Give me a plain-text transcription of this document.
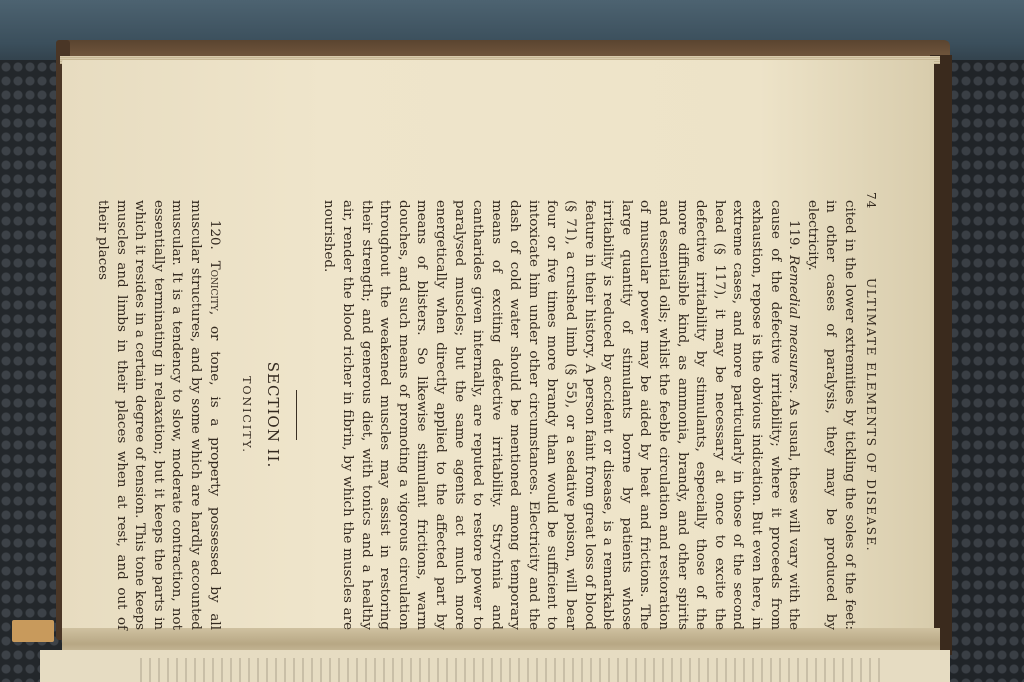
74
ULTIMATE ELEMENTS OF DISEASE.

cited in the lower extremities by tickling the soles of the feet: in other cases of paralysis, they may be produced by electricity.

119. Remedial measures. As usual, these will vary with the cause of the defective irritability; where it proceeds from exhaustion, repose is the obvious indication. But even here, in extreme cases, and more particularly in those of the second head (§ 117), it may be necessary at once to excite the defective irritability by stimulants, especially those of the more diffusible kind, as ammonia, brandy, and other spirits and essential oils; whilst the feeble circulation and restoration of muscular power may be aided by heat and frictions. The large quantity of stimulants borne by patients whose irritability is reduced by accident or disease, is a remarkable feature in their history. A person faint from great loss of blood (§ 71), a crushed limb (§ 55), or a sedative poison, will bear four or five times more brandy than would be sufficient to intoxicate him under other circumstances. Electricity and the dash of cold water should be mentioned among temporary means of exciting defective irritability. Strychnia and cantharides given internally, are reputed to restore power to paralysed muscles; but the same agents act much more energetically when directly applied to the affected part by means of blisters. So likewise stimulant frictions, warm douches, and such means of promoting a vigorous circulation throughout the weakened muscles may assist in restoring their strength; and generous diet, with tonics and a healthy air, render the blood richer in fibrin, by which the muscles are nourished.

SECTION II.
TONICITY.

120. Tonicity, or tone, is a property possessed by all muscular structures, and by some which are hardly accounted muscular. It is a tendency to slow, moderate contraction, not essentially terminating in relaxation; but it keeps the parts in which it resides in a certain degree of tension. This tone keeps muscles and limbs in their places when at rest, and out of their places
